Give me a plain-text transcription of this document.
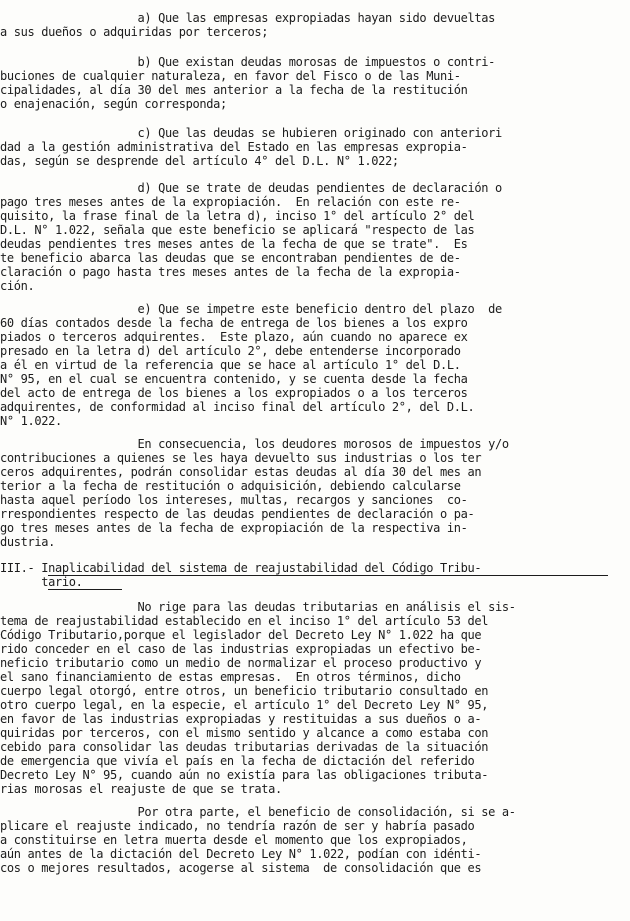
a) Que las empresas expropiadas hayan sido devueltas
a sus dueños o adquiridas por terceros;
b) Que existan deudas morosas de impuestos o contri-
buciones de cualquier naturaleza, en favor del Fisco o de las Muni-
cipalidades, al día 30 del mes anterior a la fecha de la restitución
o enajenación, según corresponda;
c) Que las deudas se hubieren originado con anteriori
dad a la gestión administrativa del Estado en las empresas expropia-
das, según se desprende del artículo 4° del D.L. N° 1.022;
d) Que se trate de deudas pendientes de declaración o
pago tres meses antes de la expropiación.  En relación con este re-
quisito, la frase final de la letra d), inciso 1° del artículo 2° del
D.L. N° 1.022, señala que este beneficio se aplicará "respecto de las
deudas pendientes tres meses antes de la fecha de que se trate".  Es
te beneficio abarca las deudas que se encontraban pendientes de de-
claración o pago hasta tres meses antes de la fecha de la expropia-
ción.
e) Que se impetre este beneficio dentro del plazo  de
60 días contados desde la fecha de entrega de los bienes a los expro
piados o terceros adquirentes.  Este plazo, aún cuando no aparece ex
presado en la letra d) del artículo 2°, debe entenderse incorporado
a él en virtud de la referencia que se hace al artículo 1° del D.L.
N° 95, en el cual se encuentra contenido, y se cuenta desde la fecha
del acto de entrega de los bienes a los expropiados o a los terceros
adquirentes, de conformidad al inciso final del artículo 2°, del D.L.
N° 1.022.
En consecuencia, los deudores morosos de impuestos y/o
contribuciones a quienes se les haya devuelto sus industrias o los ter
ceros adquirentes, podrán consolidar estas deudas al día 30 del mes an
terior a la fecha de restitución o adquisición, debiendo calcularse
hasta aquel período los intereses, multas, recargos y sanciones  co-
rrespondientes respecto de las deudas pendientes de declaración o pa-
go tres meses antes de la fecha de expropiación de la respectiva in-
dustria.
III.- Inaplicabilidad del sistema de reajustabilidad del Código Tribu-
tario.
No rige para las deudas tributarias en análisis el sis-
tema de reajustabilidad establecido en el inciso 1° del artículo 53 del
Código Tributario,porque el legislador del Decreto Ley N° 1.022 ha que
rido conceder en el caso de las industrias expropiadas un efectivo be-
neficio tributario como un medio de normalizar el proceso productivo y
el sano financiamiento de estas empresas.  En otros términos, dicho
cuerpo legal otorgó, entre otros, un beneficio tributario consultado en
otro cuerpo legal, en la especie, el artículo 1° del Decreto Ley N° 95,
en favor de las industrias expropiadas y restituidas a sus dueños o a-
quiridas por terceros, con el mismo sentido y alcance a como estaba con
cebido para consolidar las deudas tributarias derivadas de la situación
de emergencia que vivía el país en la fecha de dictación del referido
Decreto Ley N° 95, cuando aún no existía para las obligaciones tributa-
rias morosas el reajuste de que se trata.
Por otra parte, el beneficio de consolidación, si se a-
plicare el reajuste indicado, no tendría razón de ser y habría pasado
a constituirse en letra muerta desde el momento que los expropiados,
aún antes de la dictación del Decreto Ley N° 1.022, podían con idénti-
cos o mejores resultados, acogerse al sistema  de consolidación que es
